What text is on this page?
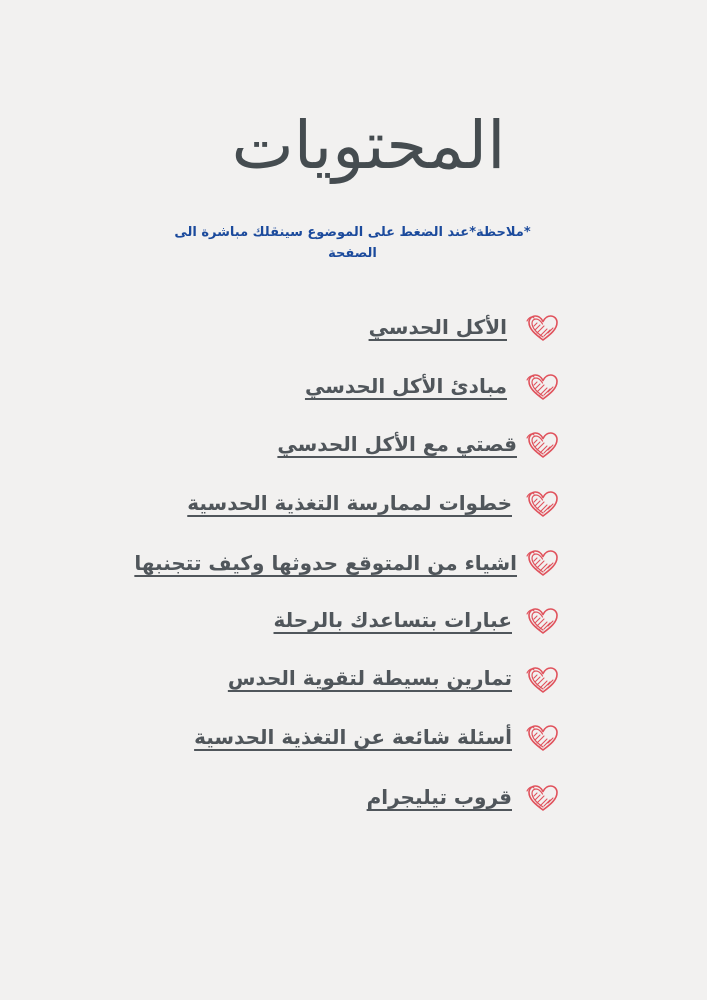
المحتويات
*ملاحظة*عند الضغط على الموضوع سينقلك مباشرة الى الصفحة
الأكل الحدسي
مبادئ الأكل الحدسي
قصتي مع الأكل الحدسي
خطوات لممارسة التغذية الحدسية
اشياء من المتوقع حدوثها وكيف تتجنبها
عبارات بتساعدك بالرحلة
تمارين بسيطة لتقوية الحدس
أسئلة شائعة عن التغذية الحدسية
قروب تيليجرام
